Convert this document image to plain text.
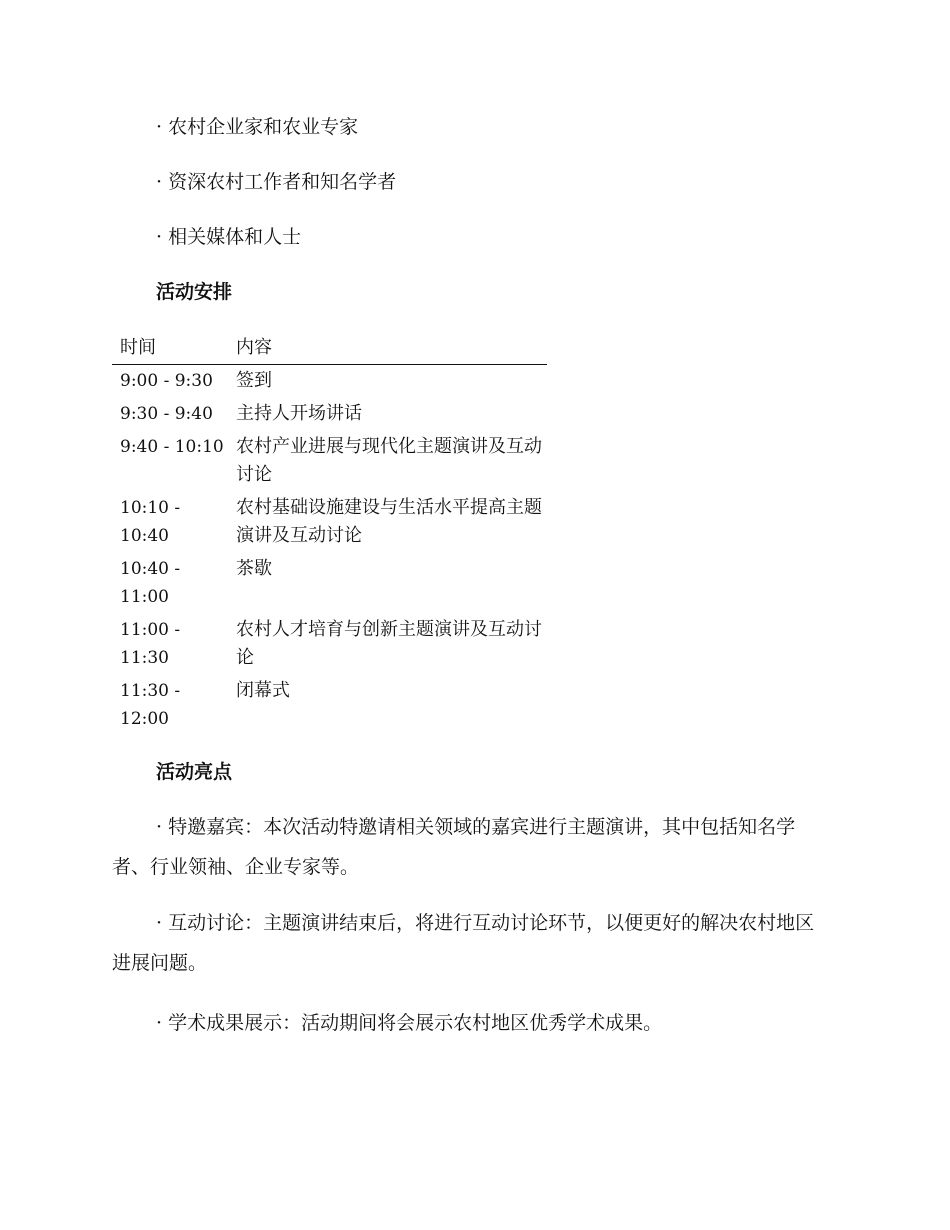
· 农村企业家和农业专家
· 资深农村工作者和知名学者
· 相关媒体和人士
活动安排
时间	内容
9:00 - 9:30	签到
9:30 - 9:40	主持人开场讲话
9:40 - 10:10	农村产业进展与现代化主题演讲及互动讨论
10:10 - 10:40	农村基础设施建设与生活水平提高主题演讲及互动讨论
10:40 - 11:00	茶歇
11:00 - 11:30	农村人才培育与创新主题演讲及互动讨论
11:30 - 12:00	闭幕式
活动亮点

· 特邀嘉宾：本次活动特邀请相关领域的嘉宾进行主题演讲，其中包括知名学者、行业领袖、企业专家等。

· 互动讨论：主题演讲结束后，将进行互动讨论环节，以便更好的解决农村地区进展问题。

· 学术成果展示：活动期间将会展示农村地区优秀学术成果。
